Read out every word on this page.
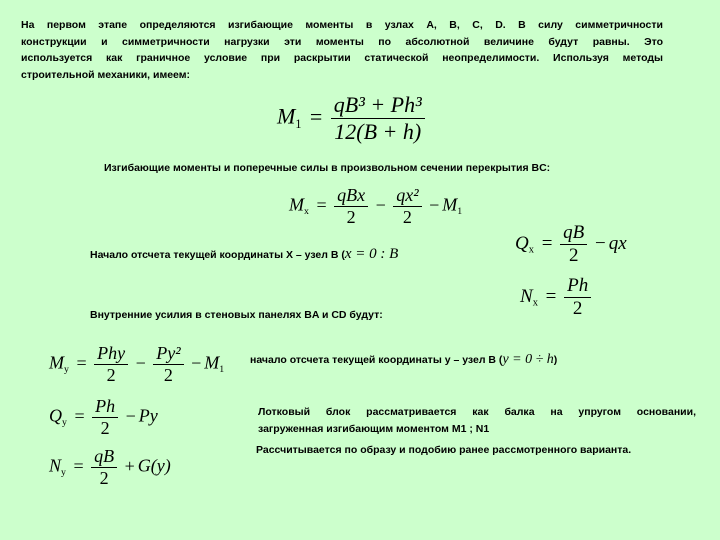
На первом этапе определяются изгибающие моменты в узлах A, B, C, D. В силу симметричности
конструкции и симметричности нагрузки эти моменты по абсолютной величине будут равны. Это
используется как граничное условие при раскрытии статической неопределимости. Используя методы
строительной механики, имеем:
$M_1 = \frac{\text{qB³ + Ph³}}{12(B + h)}$
Изгибающие моменты и поперечные силы в произвольном сечении перекрытия BC:
$M_x = \frac{\text{qBx}}{2} - \frac{\text{qx²}}{2} - M_1$
Начало отсчета текущей координаты X – узел B (x = 0 : B
$Q_x = \frac{qB}{2}$ − qx
$N_x = \frac{Ph}{2}$
Внутренние усилия в стеновых панелях BA и CD будут:
$M_y = \frac{\text{Phy}}{2} - \frac{\text{Py²}}{2} - M_1$
начало отсчета текущей координаты y – узел B (y = 0 ÷ h)
$Q_y = \frac{Ph}{2} - Py$	Лотковый блок рассматривается как балка на упругом основании,
загруженная изгибающим моментом М1 ; N1
Рассчитывается по образу и подобию ранее рассмотренного варианта.
$N_y = \frac{qB}{2} + G(y)$
